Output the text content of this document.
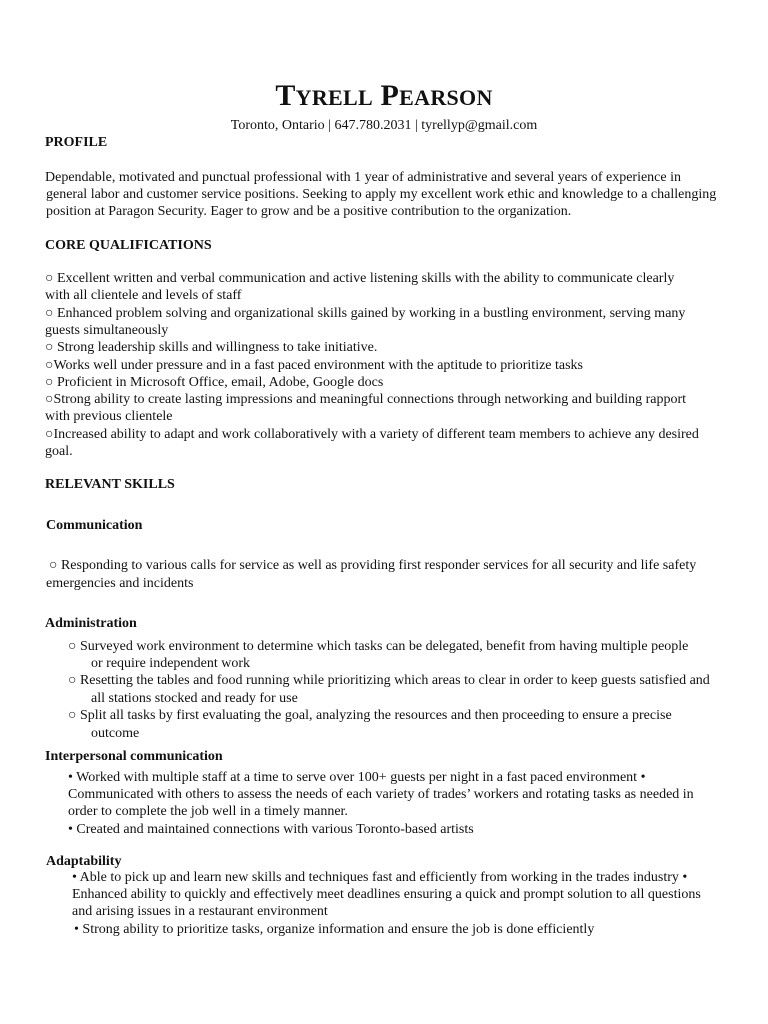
TYRELL PEARSON
Toronto, Ontario | 647.780.2031 | tyrellyp@gmail.com
PROFILE
Dependable, motivated and punctual professional with 1 year of administrative and several years of experience in
general labor and customer service positions. Seeking to apply my excellent work ethic and knowledge to a challenging
position at Paragon Security. Eager to grow and be a positive contribution to the organization.
CORE QUALIFICATIONS
○ Excellent written and verbal communication and active listening skills with the ability to communicate clearly
with all clientele and levels of staff
○ Enhanced problem solving and organizational skills gained by working in a bustling environment, serving many
guests simultaneously
○ Strong leadership skills and willingness to take initiative.
○Works well under pressure and in a fast paced environment with the aptitude to prioritize tasks
○ Proficient in Microsoft Office, email, Adobe, Google docs
○Strong ability to create lasting impressions and meaningful connections through networking and building rapport
with previous clientele
○Increased ability to adapt and work collaboratively with a variety of different team members to achieve any desired
goal.
RELEVANT SKILLS
Communication
○ Responding to various calls for service as well as providing first responder services for all security and life safety
emergencies and incidents
Administration
○ Surveyed work environment to determine which tasks can be delegated, benefit from having multiple people
or require independent work
○ Resetting the tables and food running while prioritizing which areas to clear in order to keep guests satisfied and
all stations stocked and ready for use
○ Split all tasks by first evaluating the goal, analyzing the resources and then proceeding to ensure a precise
outcome
Interpersonal communication
• Worked with multiple staff at a time to serve over 100+ guests per night in a fast paced environment •
Communicated with others to assess the needs of each variety of trades’ workers and rotating tasks as needed in
order to complete the job well in a timely manner.
• Created and maintained connections with various Toronto-based artists
Adaptability
• Able to pick up and learn new skills and techniques fast and efficiently from working in the trades industry •
Enhanced ability to quickly and effectively meet deadlines ensuring a quick and prompt solution to all questions
and arising issues in a restaurant environment
• Strong ability to prioritize tasks, organize information and ensure the job is done efficiently
